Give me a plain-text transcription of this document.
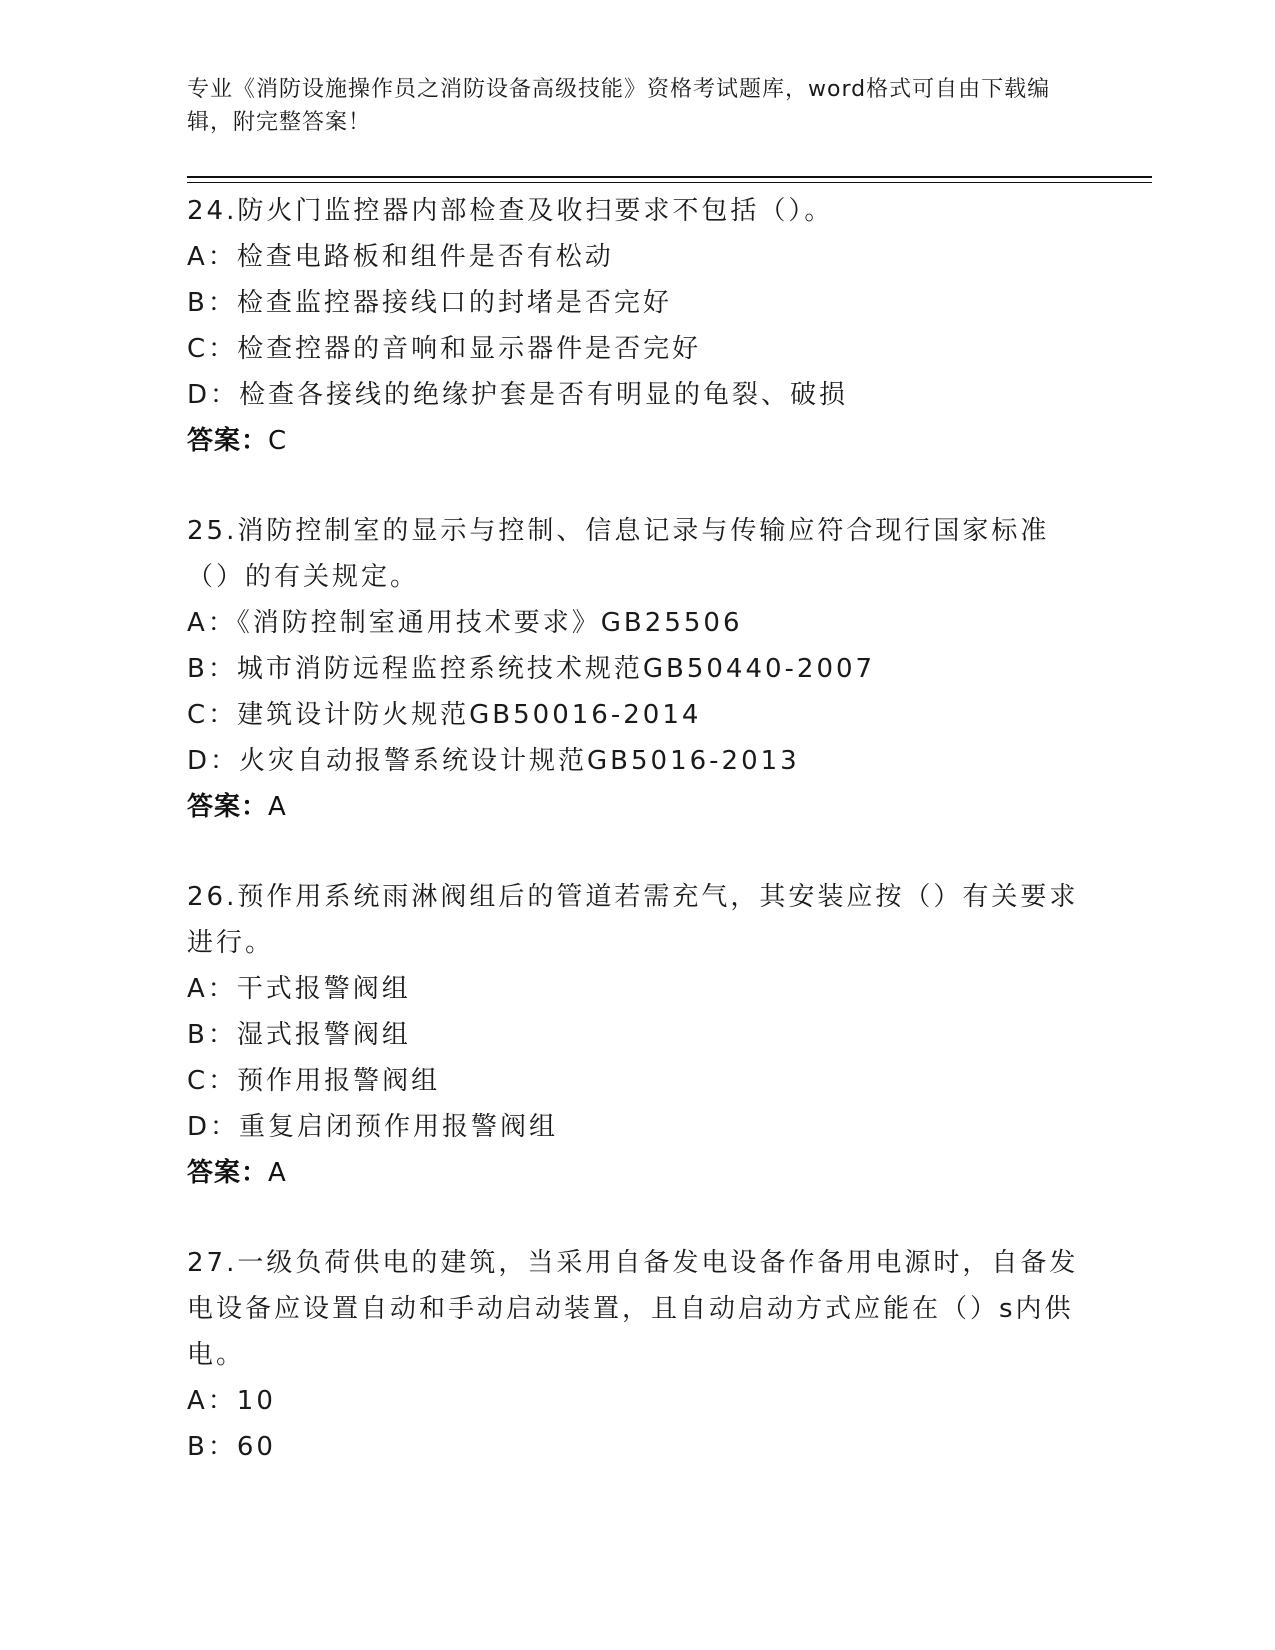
专业《消防设施操作员之消防设备高级技能》资格考试题库，word格式可自由下载编辑，附完整答案！
24.防火门监控器内部检查及收扫要求不包括（）。
A：检查电路板和组件是否有松动
B：检查监控器接线口的封堵是否完好
C：检查控器的音响和显示器件是否完好
D：检查各接线的绝缘护套是否有明显的龟裂、破损
答案：C
25.消防控制室的显示与控制、信息记录与传输应符合现行国家标准（）的有关规定。
A：《消防控制室通用技术要求》GB25506
B：城市消防远程监控系统技术规范GB50440-2007
C：建筑设计防火规范GB50016-2014
D：火灾自动报警系统设计规范GB5016-2013
答案：A
26.预作用系统雨淋阀组后的管道若需充气，其安装应按（）有关要求进行。
A：干式报警阀组
B：湿式报警阀组
C：预作用报警阀组
D：重复启闭预作用报警阀组
答案：A
27.一级负荷供电的建筑，当采用自备发电设备作备用电源时，自备发电设备应设置自动和手动启动装置，且自动启动方式应能在（）s内供电。
A：10
B：60
